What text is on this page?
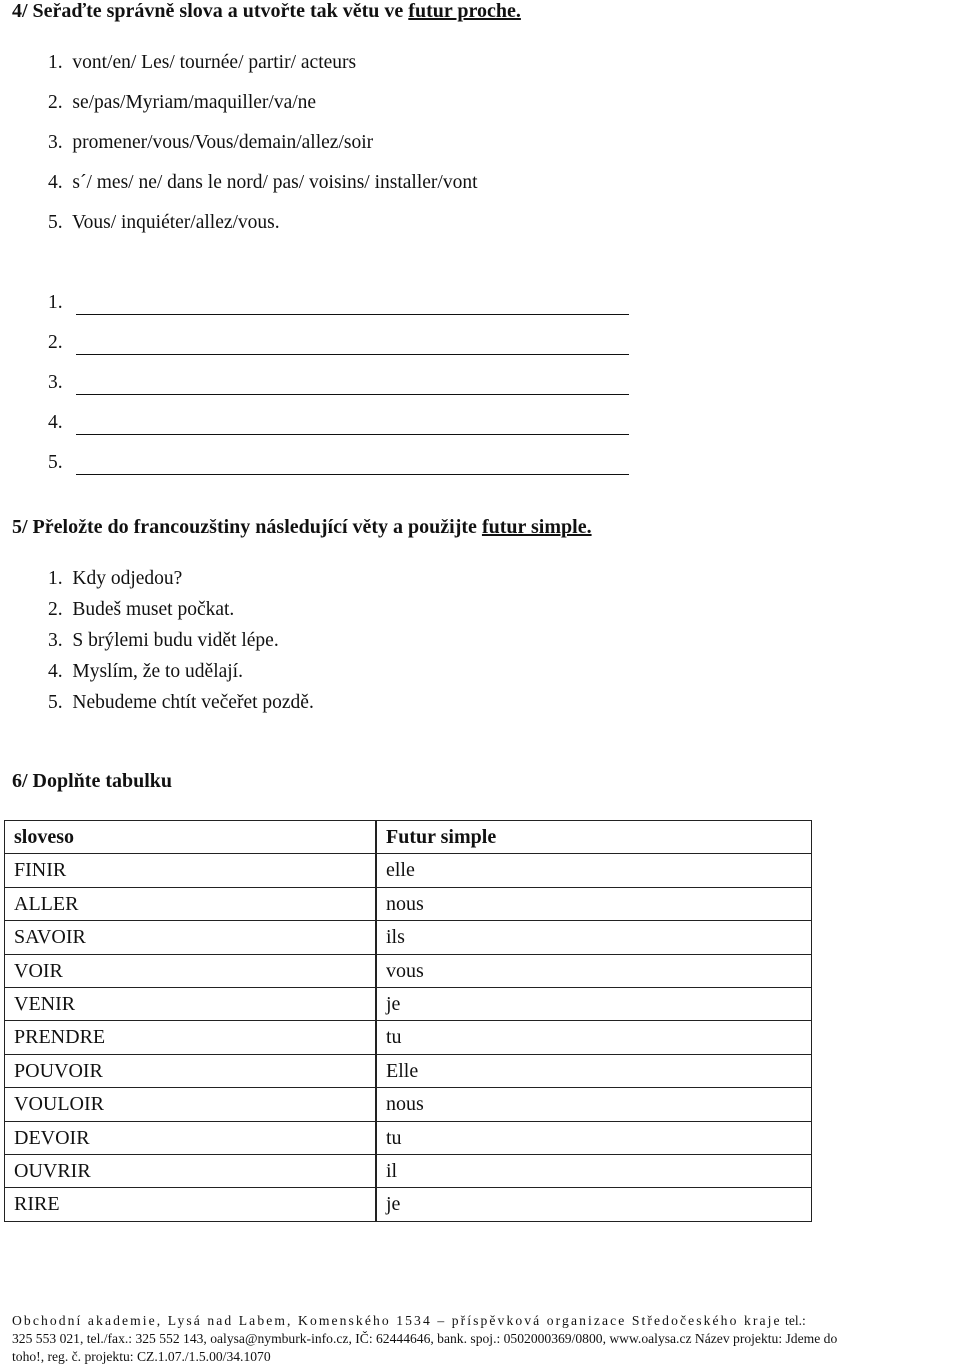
4/ Seřaďte správně slova a utvořte tak větu ve futur proche.
1. vont/en/ Les/ tournée/ partir/ acteurs
2. se/pas/Myriam/maquiller/va/ne
3. promener/vous/Vous/demain/allez/soir
4. s´/ mes/ ne/ dans le nord/ pas/ voisins/ installer/vont
5. Vous/ inquiéter/allez/vous.
1.
2.
3.
4.
5.
5/ Přeložte do francouzštiny následující věty a použijte futur simple.
1. Kdy odjedou?
2. Budeš muset počkat.
3. S brýlemi budu vidět lépe.
4. Myslím, že to udělají.
5. Nebudeme chtít večeřet pozdě.
6/ Doplňte tabulku
sloveso	Futur simple
FINIR	elle
ALLER	nous
SAVOIR	ils
VOIR	vous
VENIR	je
PRENDRE	tu
POUVOIR	Elle
VOULOIR	nous
DEVOIR	tu
OUVRIR	il
RIRE	je
Obchodní akademie, Lysá nad Labem, Komenského 1534 – příspěvková organizace Středočeského kraje tel.:
325 553 021, tel./fax.: 325 552 143, oalysa@nymburk-info.cz, IČ: 62444646, bank. spoj.: 0502000369/0800, www.oalysa.cz Název projektu: Jdeme do
toho!, reg. č. projektu: CZ.1.07./1.5.00/34.1070
